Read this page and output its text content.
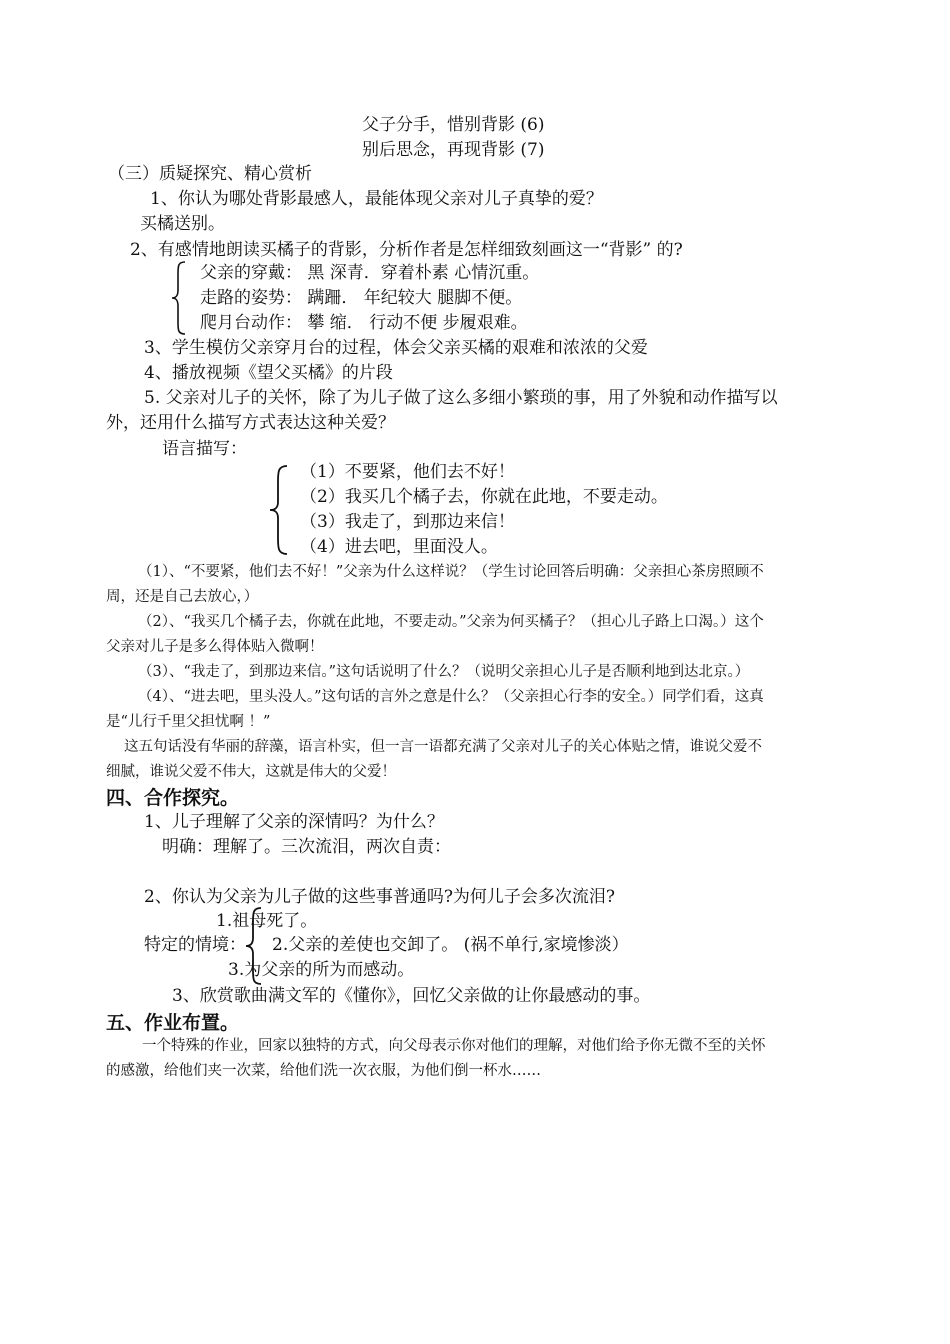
父子分手，惜别背影 (6)
别后思念，再现背影 (7)
（三）质疑探究、精心赏析
1、你认为哪处背影最感人，最能体现父亲对儿子真挚的爱？
买橘送别。
2、有感情地朗读买橘子的背影，分析作者是怎样细致刻画这一“背影” 的?
父亲的穿戴： 黑 深青．穿着朴素 心情沉重。
走路的姿势： 蹒跚． 年纪较大 腿脚不便。
爬月台动作： 攀 缩． 行动不便 步履艰难。
3、学生模仿父亲穿月台的过程，体会父亲买橘的艰难和浓浓的父爱
4、播放视频《望父买橘》的片段
5. 父亲对儿子的关怀，除了为儿子做了这么多细小繁琐的事，用了外貌和动作描写以
外，还用什么描写方式表达这种关爱？
语言描写：
（1）不要紧，他们去不好！
（2）我买几个橘子去，你就在此地，不要走动。
（3）我走了，到那边来信！
（4）进去吧，里面没人。
（1）、“不要紧，他们去不好！”父亲为什么这样说？（学生讨论回答后明确：父亲担心茶房照顾不
周，还是自己去放心，）
（2）、“我买几个橘子去，你就在此地，不要走动。”父亲为何买橘子？（担心儿子路上口渴。）这个
父亲对儿子是多么得体贴入微啊！
（3）、“我走了，到那边来信。”这句话说明了什么？（说明父亲担心儿子是否顺利地到达北京。）
（4）、“进去吧，里头没人。”这句话的言外之意是什么？（父亲担心行李的安全。）同学们看，这真
是“儿行千里父担忧啊 ！”
这五句话没有华丽的辞藻，语言朴实，但一言一语都充满了父亲对儿子的关心体贴之情，谁说父爱不
细腻，谁说父爱不伟大，这就是伟大的父爱！
四、合作探究。
1、儿子理解了父亲的深情吗？为什么？
明确：理解了。三次流泪，两次自责：
2、你认为父亲为儿子做的这些事普通吗?为何儿子会多次流泪?
特定的情境：
1.祖母死了。
2.父亲的差使也交卸了。 (祸不单行,家境惨淡）
3.为父亲的所为而感动。
3、欣赏歌曲满文军的《懂你》，回忆父亲做的让你最感动的事。
五、作业布置。
一个特殊的作业，回家以独特的方式，向父母表示你对他们的理解，对他们给予你无微不至的关怀
的感激，给他们夹一次菜，给他们洗一次衣服，为他们倒一杯水……
